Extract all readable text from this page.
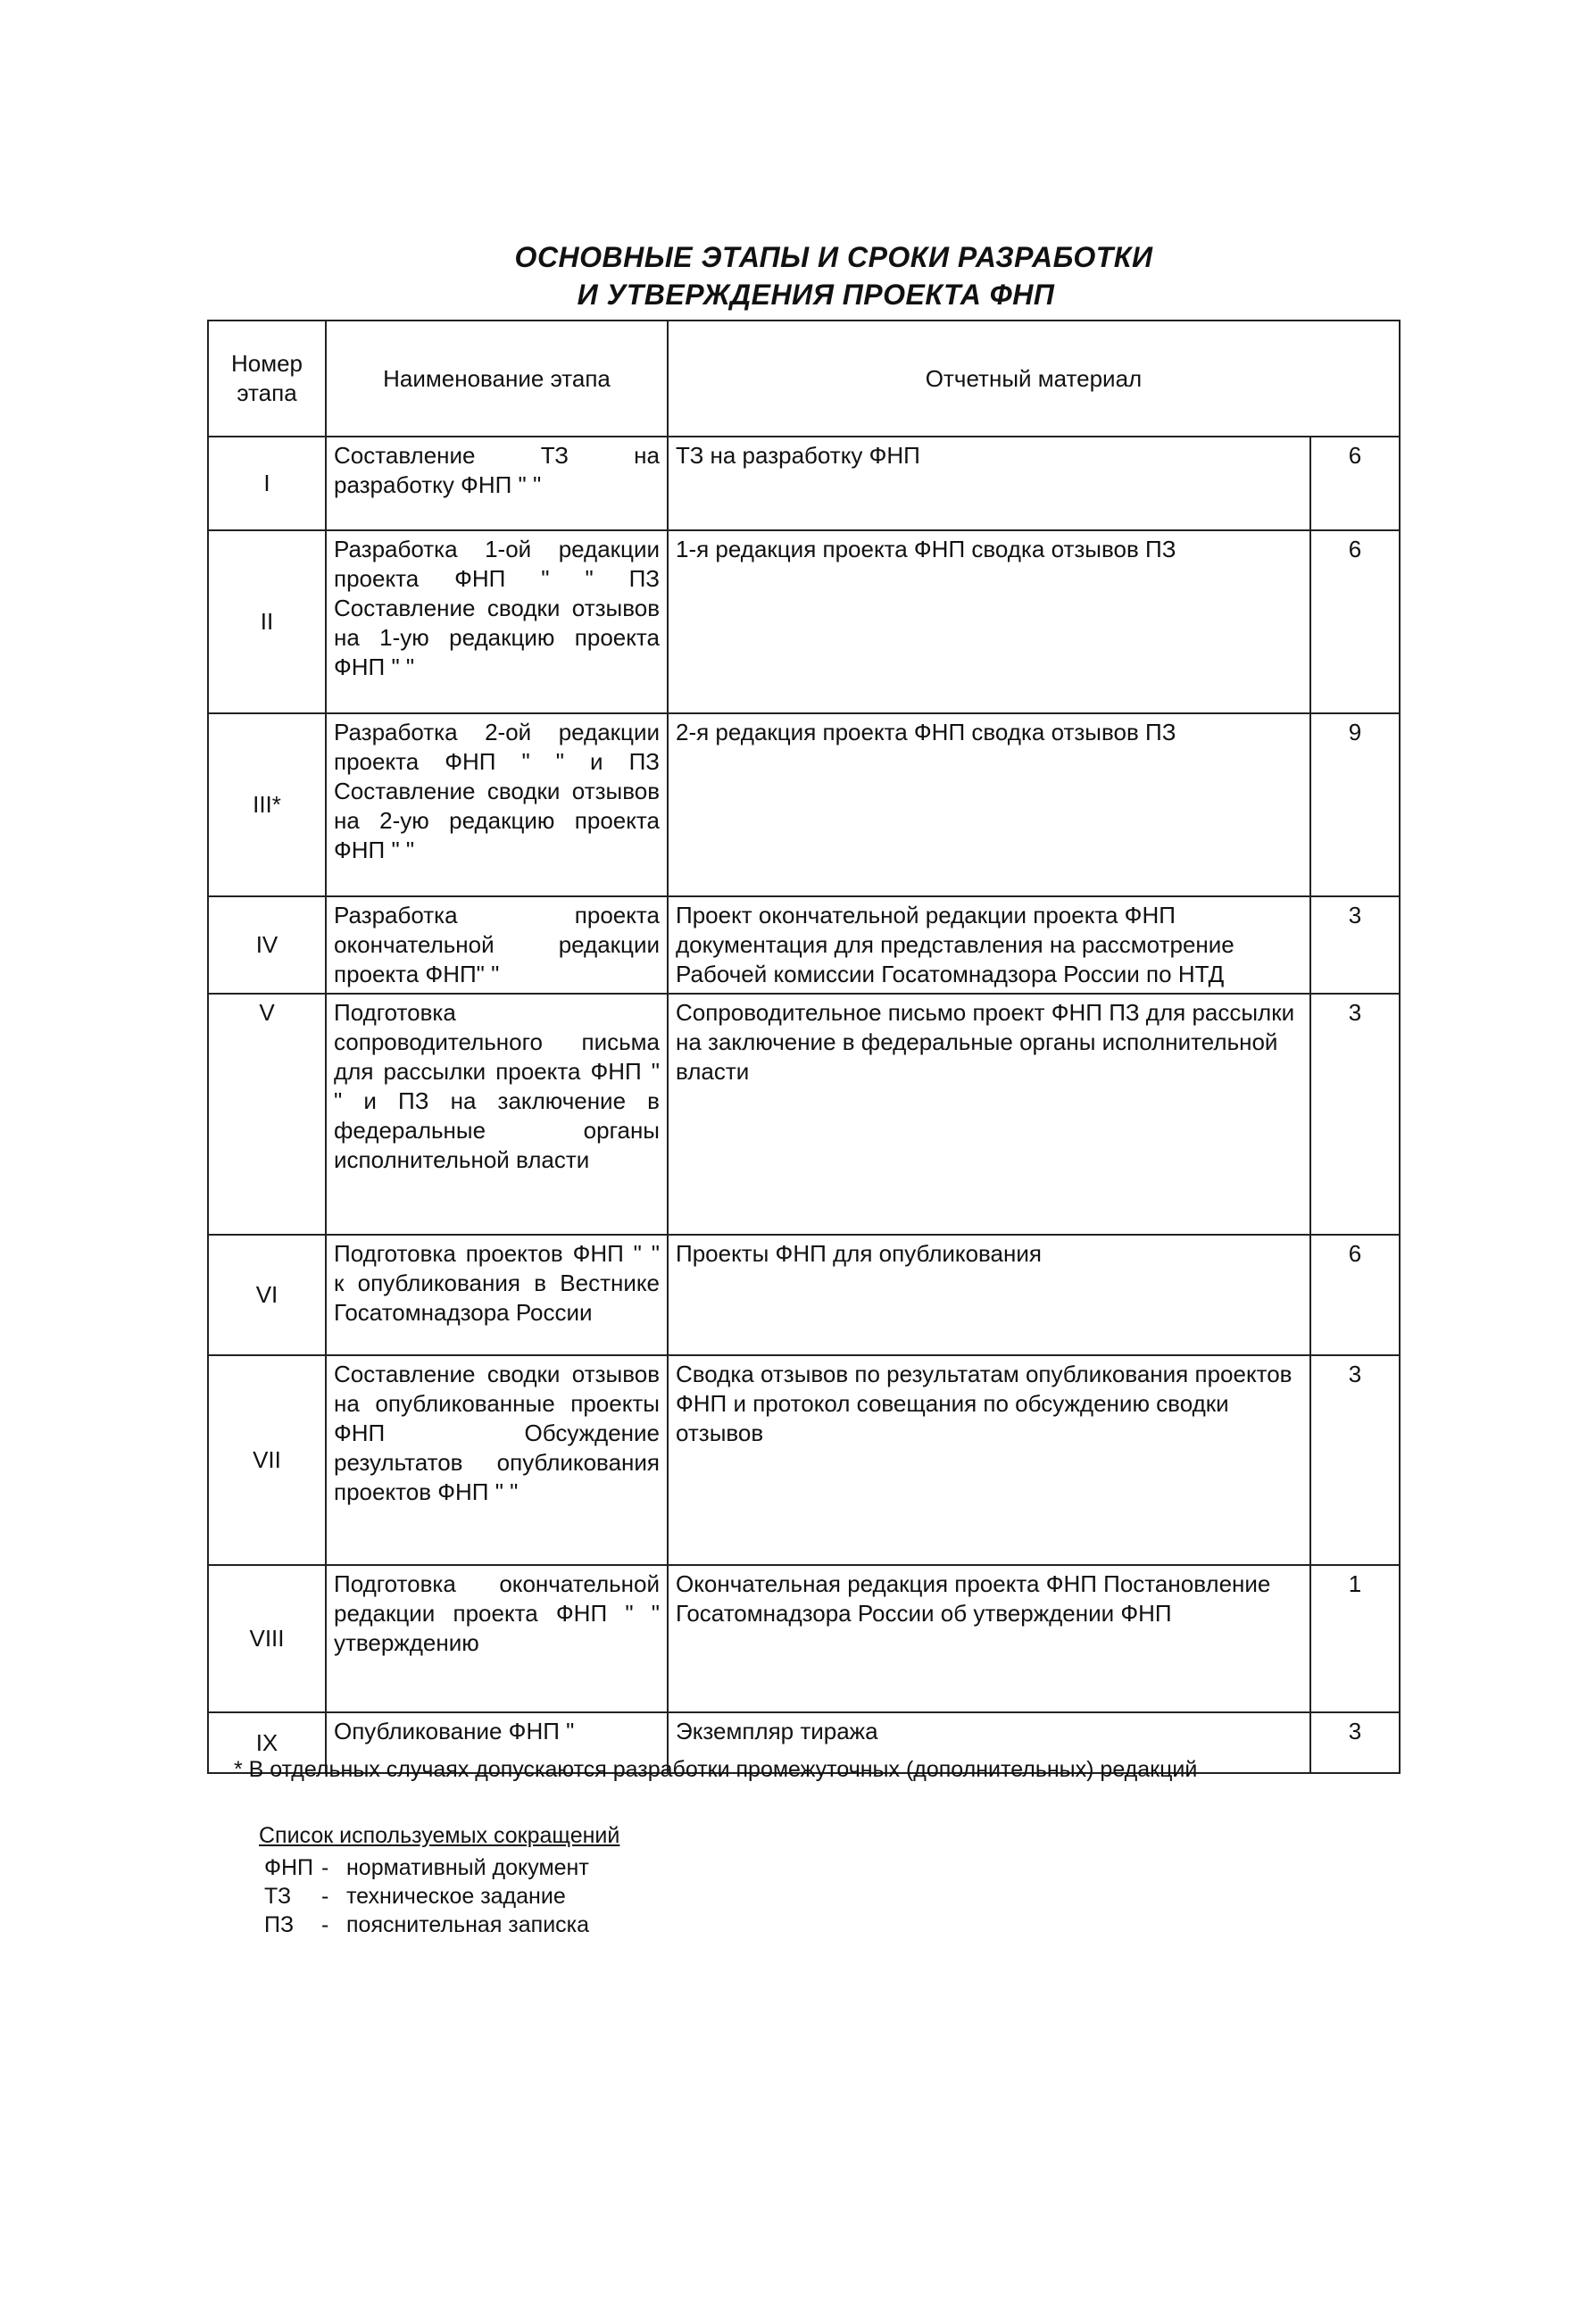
ОСНОВНЫЕ ЭТАПЫ И СРОКИ РАЗРАБОТКИ
И УТВЕРЖДЕНИЯ ПРОЕКТА ФНП
Номер этапа	Наименование этапа	Отчетный материал	
I	Составление ТЗ на разработку ФНП " "	ТЗ на разработку ФНП	6
II	Разработка 1-ой редакции проекта ФНП " " ПЗ Составление сводки отзывов на 1-ую редакцию проекта ФНП " "	1-я редакция проекта ФНП сводка отзывов ПЗ	6
III*	Разработка 2-ой редакции проекта ФНП " " и ПЗ Составление сводки отзывов на 2-ую редакцию проекта ФНП " "	2-я редакция проекта ФНП сводка отзывов ПЗ	9
IV	Разработка проекта окончательной редакции проекта ФНП" "	Проект окончательной редакции проекта ФНП документация для представления на рассмотрение Рабочей комиссии Госатомнадзора России по НТД	3
V	Подготовка сопроводительного письма для рассылки проекта ФНП " " и ПЗ на заключение в федеральные органы исполнительной власти	Сопроводительное письмо проект ФНП ПЗ для рассылки на заключение в федеральные органы исполнительной власти	3
VI	Подготовка проектов ФНП " " к опубликования в Вестнике Госатомнадзора России	Проекты ФНП для опубликования	6
VII	Составление сводки отзывов на опубликованные проекты ФНП Обсуждение результатов опубликования проектов ФНП " "	Сводка отзывов по результатам опубликования проектов ФНП и протокол совещания по обсуждению сводки отзывов	3
VIII	Подготовка окончательной редакции проекта ФНП " " утверждению	Окончательная редакция проекта ФНП Постановление Госатомнадзора России об утверждении ФНП	1
IX	Опубликование ФНП "	Экземпляр тиража	3
* В отдельных случаях допускаются разработки промежуточных (дополнительных) редакций
Список используемых сокращений
ФНП - нормативный документ
ТЗ - техническое задание
ПЗ - пояснительная записка
